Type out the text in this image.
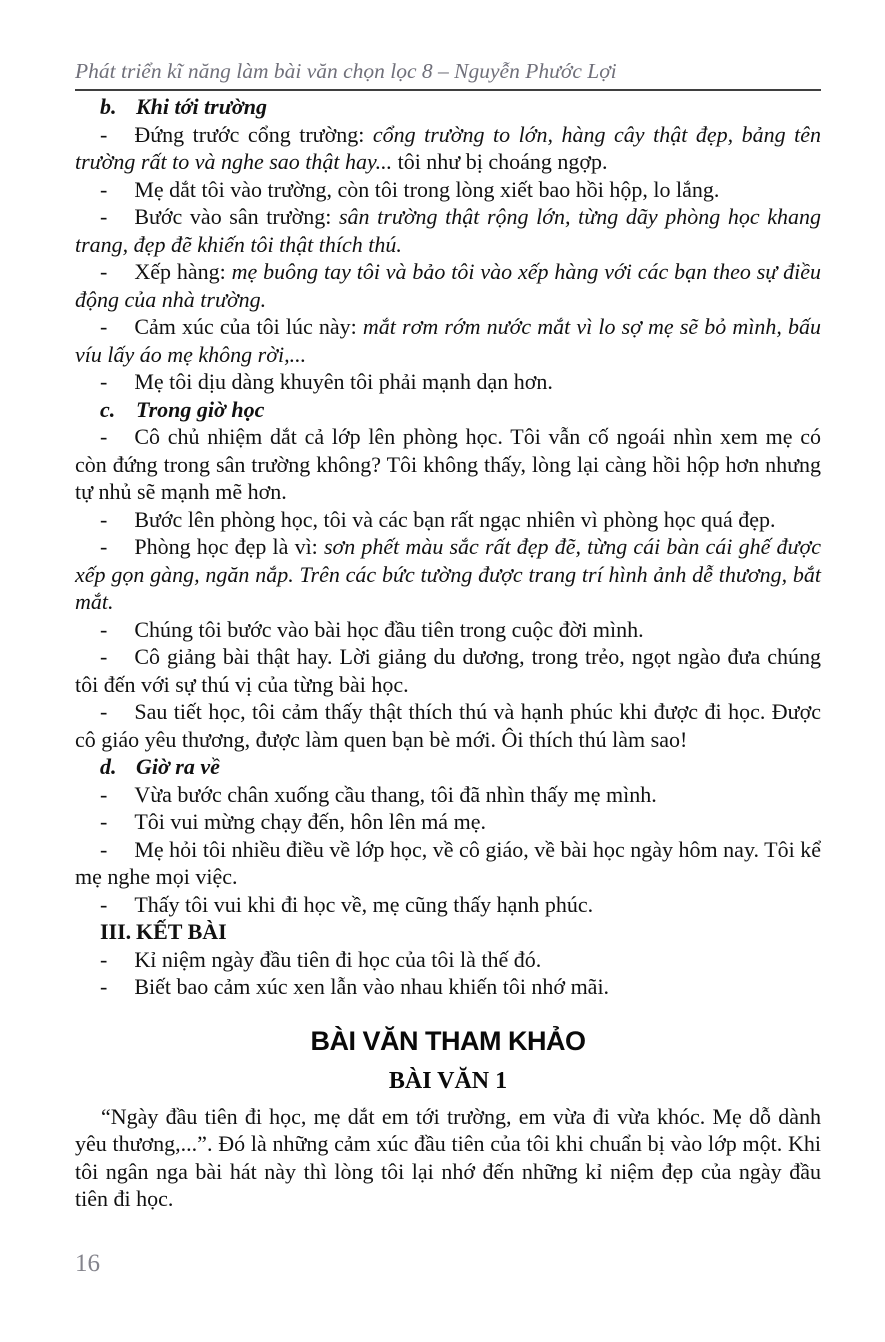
Phát triển kĩ năng làm bài văn chọn lọc 8 – Nguyễn Phước Lợi

b. Khi tới trường

- Đứng trước cổng trường: cổng trường to lớn, hàng cây thật đẹp, bảng tên trường rất to và nghe sao thật hay... tôi như bị choáng ngợp.

- Mẹ dắt tôi vào trường, còn tôi trong lòng xiết bao hồi hộp, lo lắng.

- Bước vào sân trường: sân trường thật rộng lớn, từng dãy phòng học khang trang, đẹp đẽ khiến tôi thật thích thú.

- Xếp hàng: mẹ buông tay tôi và bảo tôi vào xếp hàng với các bạn theo sự điều động của nhà trường.

- Cảm xúc của tôi lúc này: mắt rơm rớm nước mắt vì lo sợ mẹ sẽ bỏ mình, bấu víu lấy áo mẹ không rời,...

- Mẹ tôi dịu dàng khuyên tôi phải mạnh dạn hơn.

c. Trong giờ học

- Cô chủ nhiệm dắt cả lớp lên phòng học. Tôi vẫn cố ngoái nhìn xem mẹ có còn đứng trong sân trường không? Tôi không thấy, lòng lại càng hồi hộp hơn nhưng tự nhủ sẽ mạnh mẽ hơn.

- Bước lên phòng học, tôi và các bạn rất ngạc nhiên vì phòng học quá đẹp.

- Phòng học đẹp là vì: sơn phết màu sắc rất đẹp đẽ, từng cái bàn cái ghế được xếp gọn gàng, ngăn nắp. Trên các bức tường được trang trí hình ảnh dễ thương, bắt mắt.

- Chúng tôi bước vào bài học đầu tiên trong cuộc đời mình.

- Cô giảng bài thật hay. Lời giảng du dương, trong trẻo, ngọt ngào đưa chúng tôi đến với sự thú vị của từng bài học.

- Sau tiết học, tôi cảm thấy thật thích thú và hạnh phúc khi được đi học. Được cô giáo yêu thương, được làm quen bạn bè mới. Ôi thích thú làm sao!

d. Giờ ra về

- Vừa bước chân xuống cầu thang, tôi đã nhìn thấy mẹ mình.

- Tôi vui mừng chạy đến, hôn lên má mẹ.

- Mẹ hỏi tôi nhiều điều về lớp học, về cô giáo, về bài học ngày hôm nay. Tôi kể mẹ nghe mọi việc.

- Thấy tôi vui khi đi học về, mẹ cũng thấy hạnh phúc.

III. KẾT BÀI

- Kỉ niệm ngày đầu tiên đi học của tôi là thế đó.

- Biết bao cảm xúc xen lẫn vào nhau khiến tôi nhớ mãi.

BÀI VĂN THAM KHẢO
BÀI VĂN 1

“Ngày đầu tiên đi học, mẹ dắt em tới trường, em vừa đi vừa khóc. Mẹ dỗ dành yêu thương,...”. Đó là những cảm xúc đầu tiên của tôi khi chuẩn bị vào lớp một. Khi tôi ngân nga bài hát này thì lòng tôi lại nhớ đến những kỉ niệm đẹp của ngày đầu tiên đi học.

16
